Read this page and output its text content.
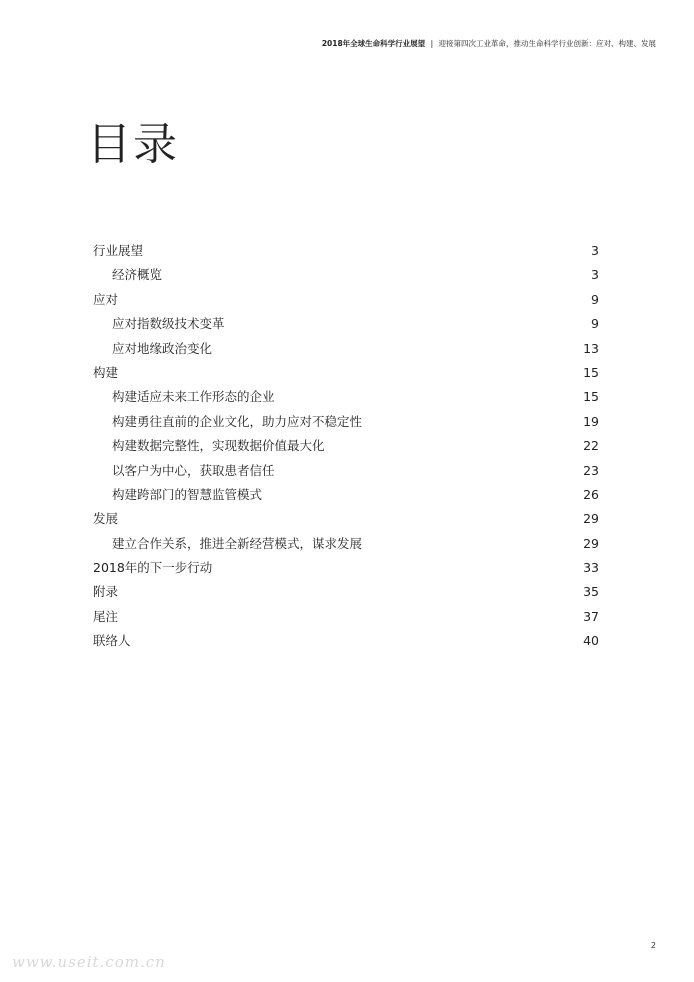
2018年全球生命科学行业展望 | 迎接第四次工业革命，推动生命科学行业创新：应对、构建、发展
目录
行业展望	3
经济概览	3
应对	9
应对指数级技术变革	9
应对地缘政治变化	13
构建	15
构建适应未来工作形态的企业	15
构建勇往直前的企业文化，助力应对不稳定性	19
构建数据完整性，实现数据价值最大化	22
以客户为中心，获取患者信任	23
构建跨部门的智慧监管模式	26
发展	29
建立合作关系，推进全新经营模式，谋求发展	29
2018年的下一步行动	33
附录	35
尾注	37
联络人	40
2
www.useit.com.cn
